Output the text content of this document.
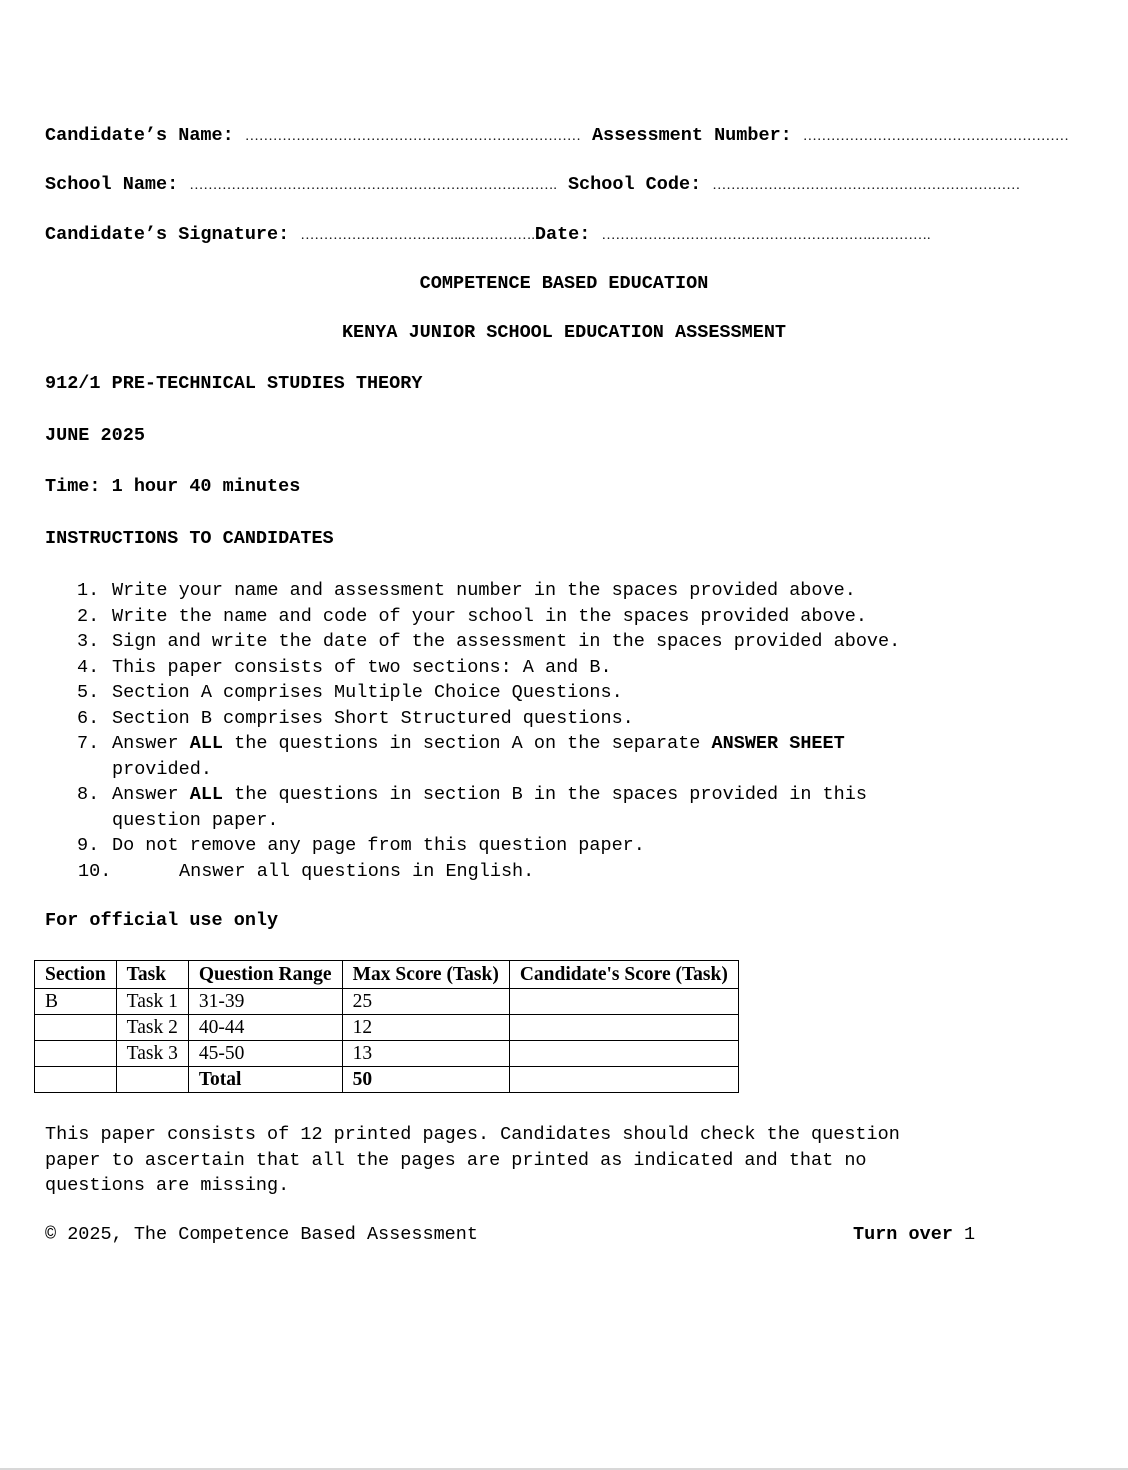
Candidate’s Name: ……………………………………………………………… Assessment Number: …………………………………………………
School Name: ……………………………………………………………………. School Code: …………………………………………………………
Candidate’s Signature: ……………………………..…………….Date: ………………………………………………….………….
COMPETENCE BASED EDUCATION
KENYA JUNIOR SCHOOL EDUCATION ASSESSMENT
912/1 PRE-TECHNICAL STUDIES THEORY
JUNE 2025
Time: 1 hour 40 minutes
INSTRUCTIONS TO CANDIDATES
1. Write your name and assessment number in the spaces provided above.
2. Write the name and code of your school in the spaces provided above.
3. Sign and write the date of the assessment in the spaces provided above.
4. This paper consists of two sections: A and B.
5. Section A comprises Multiple Choice Questions.
6. Section B comprises Short Structured questions.
7. Answer ALL the questions in section A on the separate ANSWER SHEET
provided.
8. Answer ALL the questions in section B in the spaces provided in this
question paper.
9. Do not remove any page from this question paper.
10.	Answer all questions in English.
For official use only
Section	Task	Question Range	Max Score (Task)	Candidate's Score (Task)
B	Task 1	31-39	25	
	Task 2	40-44	12	
	Task 3	45-50	13	
		Total	50	
This paper consists of 12 printed pages. Candidates should check the question
paper to ascertain that all the pages are printed as indicated and that no
questions are missing.
© 2025, The Competence Based Assessment	Turn over 1
